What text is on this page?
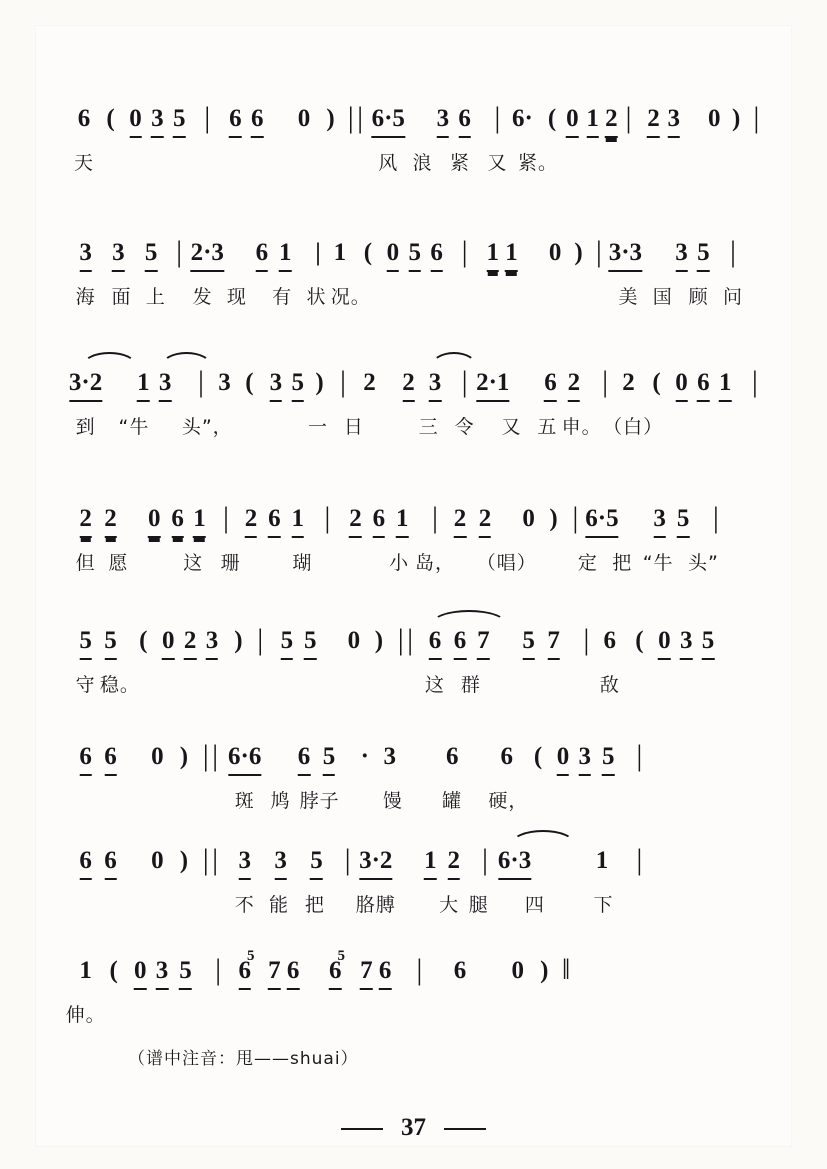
6 ( 0 3 5 | 6 6 0 ) | | 6·5 3 6 | 6· ( 0 1 2 | 2 3 0 ) |
天	风 浪 紧 又 紧。
3 3 5 | 2·3 6 1 | 1 ( 0 5 6 | 1 1 0 ) | 3·3 3 5 |
海 面 上 发 现 有 状 况。	美 国 顾 问
3·2 1 3 | 3 ( 3 5 ) | 2 2 3 | 2·1 6 2 | 2 ( 0 6 1 |
到 “牛 头”，	一 日	三 令 又 五 申。 （白）
2 2 0 6 1 | 2 6 1 | 2 6 1 | 2 2 0 ) | 6·5 3 5 |
但 愿	这 珊	瑚	小 岛， （唱） 定 把 “牛 头”
5 5 ( 0 2 3 ) | 5 5 0 ) | | 6 6 7 5 7 | 6 ( 0 3 5
守 稳。	这 群	敌
6 6 0 ) | | 6·6 6 5 · 3 6 6 ( 0 3 5 |
斑 鸠 脖子 馒 罐 硬，
6 6 0 ) | | 3 3 5 | 3·2 1 2 | 6·3	1 |
不 能 把 胳膊 大 腿 四	下
1 ( 0 3 5 | 6
5
7 6 6
5
7 6 | 6 0 ) ‖
伸。
（谱中注音：甩——shuai）
37
